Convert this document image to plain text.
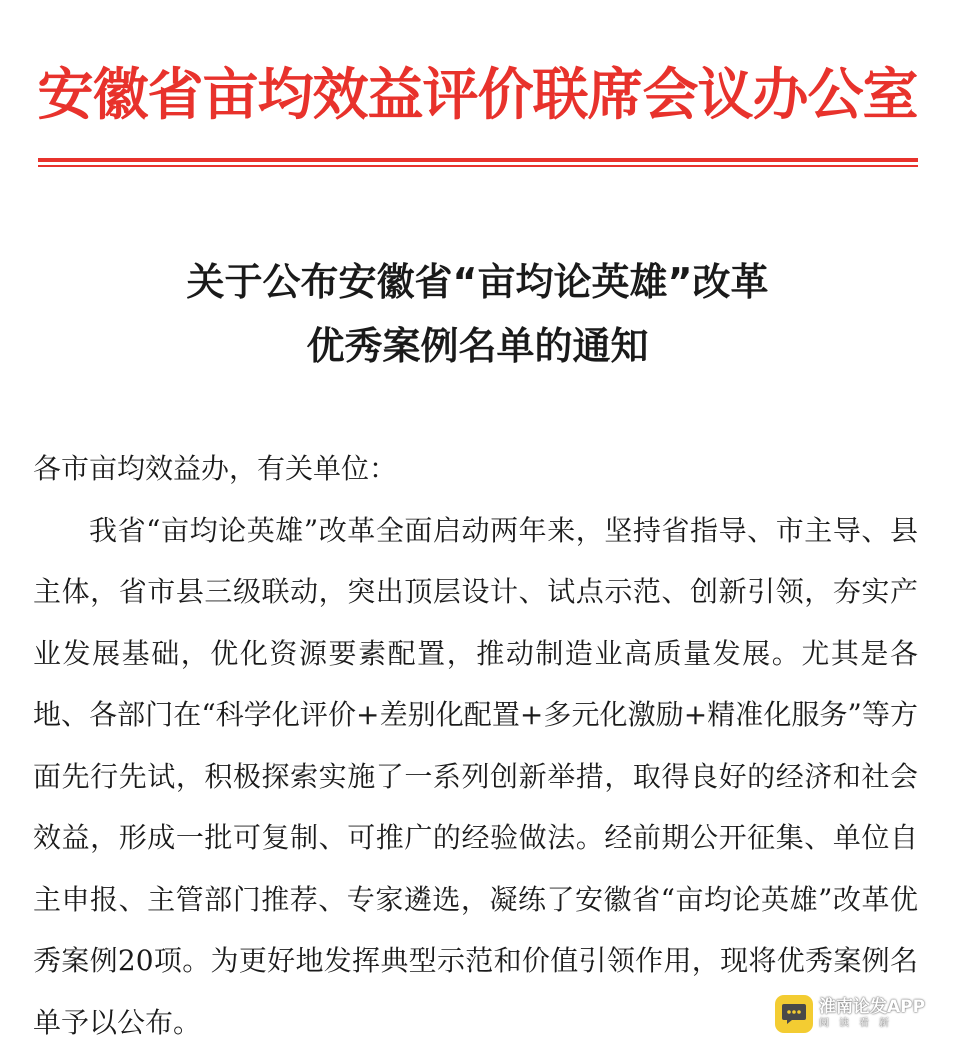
安徽省亩均效益评价联席会议办公室
关于公布安徽省“亩均论英雄”改革
优秀案例名单的通知
各市亩均效益办，有关单位：
我省“亩均论英雄”改革全面启动两年来，坚持省指导、市主导、县主体，省市县三级联动，突出顶层设计、试点示范、创新引领，夯实产业发展基础，优化资源要素配置，推动制造业高质量发展。尤其是各地、各部门在“科学化评价+差别化配置+多元化激励+精准化服务”等方面先行先试，积极探索实施了一系列创新举措，取得良好的经济和社会效益，形成一批可复制、可推广的经验做法。经前期公开征集、单位自主申报、主管部门推荐、专家遴选，凝练了安徽省“亩均论英雄”改革优秀案例20项。为更好地发挥典型示范和价值引领作用，现将优秀案例名单予以公布。	淮南论发APP
阅读看新
